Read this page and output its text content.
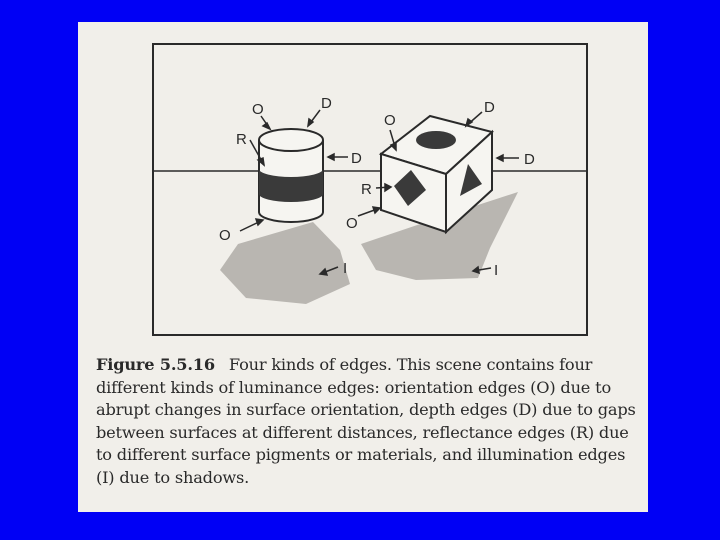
O	D
R
D
O
I
O
D
D
R
O
I
Figure 5.5.16 Four kinds of edges. This scene contains four different kinds of luminance edges: orientation edges (O) due to abrupt changes in surface orientation, depth edges (D) due to gaps between surfaces at different distances, reflectance edges (R) due to different surface pigments or materials, and illumination edges (I) due to shadows.
